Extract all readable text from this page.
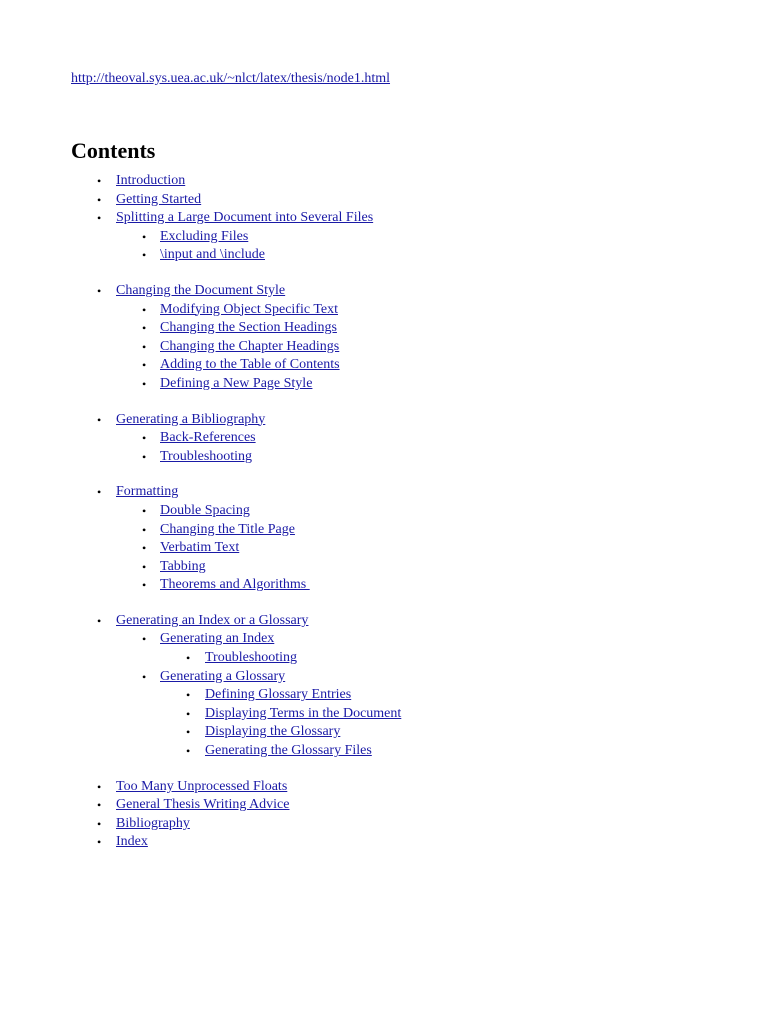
http://theoval.sys.uea.ac.uk/~nlct/latex/thesis/node1.html
Contents
• Introduction
• Getting Started
• Splitting a Large Document into Several Files
• Excluding Files
• \input and \include
• Changing the Document Style
• Modifying Object Specific Text
• Changing the Section Headings
• Changing the Chapter Headings
• Adding to the Table of Contents
• Defining a New Page Style
• Generating a Bibliography
• Back-References
• Troubleshooting
• Formatting
• Double Spacing
• Changing the Title Page
• Verbatim Text
• Tabbing
• Theorems and Algorithms
• Generating an Index or a Glossary
• Generating an Index
• Troubleshooting
• Generating a Glossary
• Defining Glossary Entries
• Displaying Terms in the Document
• Displaying the Glossary
• Generating the Glossary Files
• Too Many Unprocessed Floats
• General Thesis Writing Advice
• Bibliography
• Index
